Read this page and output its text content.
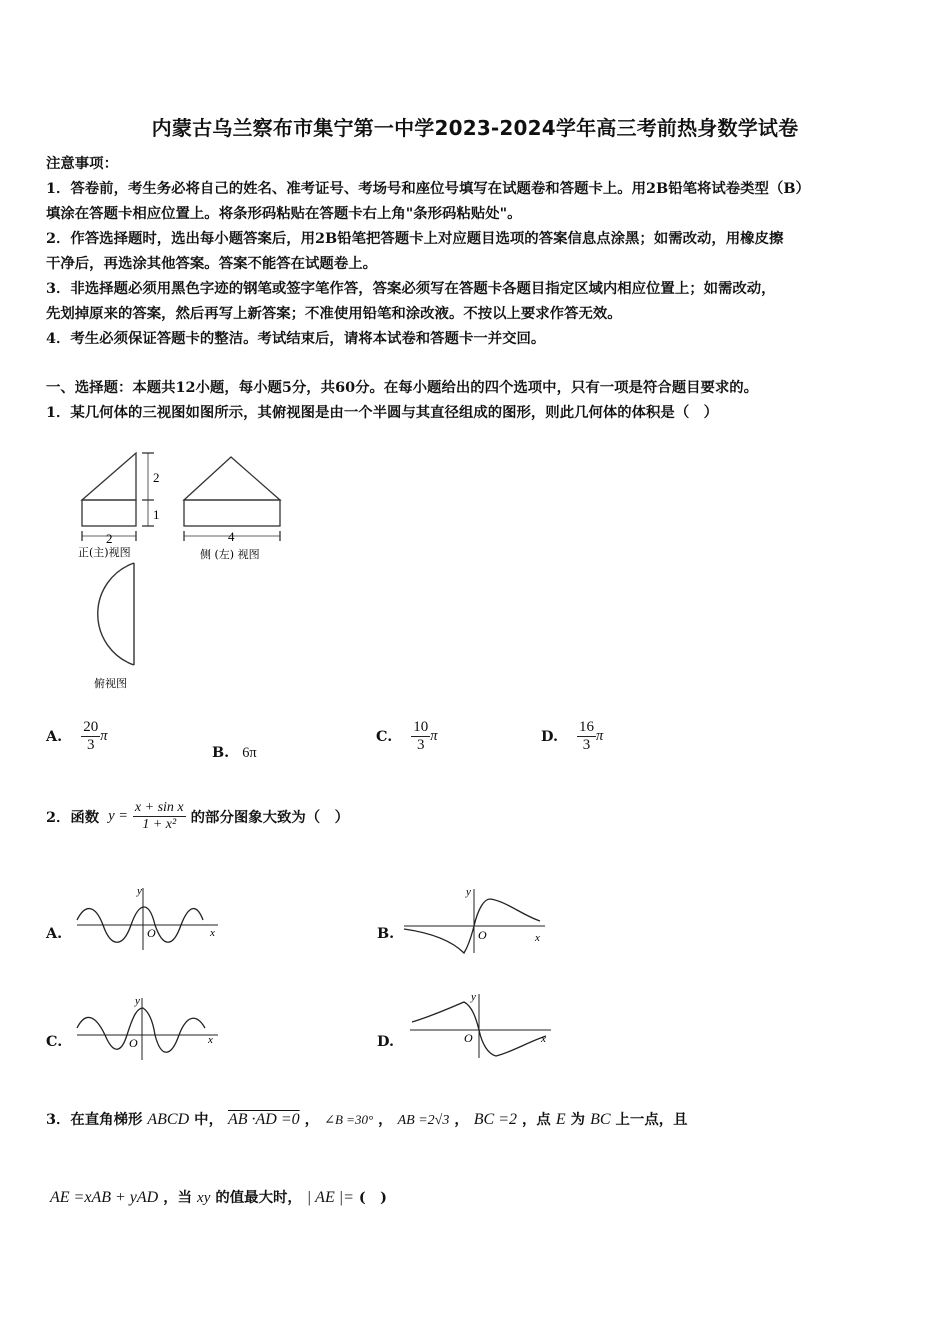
内蒙古乌兰察布市集宁第一中学2023-2024学年高三考前热身数学试卷
注意事项：
1．答卷前，考生务必将自己的姓名、准考证号、考场号和座位号填写在试题卷和答题卡上。用2B铅笔将试卷类型（B）
填涂在答题卡相应位置上。将条形码粘贴在答题卡右上角"条形码粘贴处"。
2．作答选择题时，选出每小题答案后，用2B铅笔把答题卡上对应题目选项的答案信息点涂黑；如需改动，用橡皮擦
干净后，再选涂其他答案。答案不能答在试题卷上。
3．非选择题必须用黑色字迹的钢笔或签字笔作答，答案必须写在答题卡各题目指定区域内相应位置上；如需改动，
先划掉原来的答案，然后再写上新答案；不准使用铅笔和涂改液。不按以上要求作答无效。
4．考生必须保证答题卡的整洁。考试结束后，请将本试卷和答题卡一并交回。
一、选择题：本题共12小题，每小题5分，共60分。在每小题给出的四个选项中，只有一项是符合题目要求的。
1．某几何体的三视图如图所示，其俯视图是由一个半圆与其直径组成的图形，则此几何体的体积是（　）
2
1
2
正(主)视图
4
侧 (左) 视图
俯视图
A. $\frac{20}{3}$ π
B. 6π
C. $\frac{10}{3}$ π	D. $\frac{16}{3}$ π
2．函数 $y = \frac{\text{x + sin x}}{\text{1 + x²}}$ 的部分图象大致为（　）
A.	B.
C.	D.
y
x
O
y
x
O
y
x
O
y
x
O
3．在直角梯形 ABCD 中， AB ·AD =0 ， ∠B =30° ， AB =2√3 ， BC =2 ，点 E 为 BC 上一点，且
AE =xAB + yAD ，当 xy 的值最大时， | AE |= (　)
